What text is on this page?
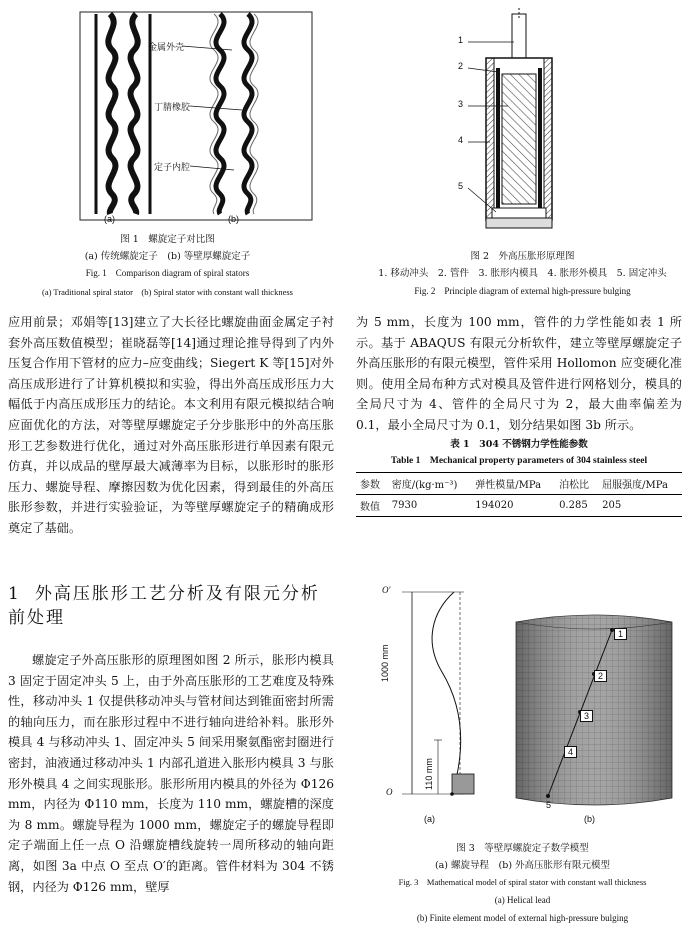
金属外壳
丁腈橡胶
定子内腔
(a)	(b)
图 1　螺旋定子对比图
(a) 传统螺旋定子　(b) 等壁厚螺旋定子
Fig. 1　Comparison diagram of spiral stators
(a) Traditional spiral stator　(b) Spiral stator with constant wall thickness
1
2
3
4
5
图 2　外高压胀形原理图
1. 移动冲头　2. 管件　3. 胀形内模具　4. 胀形外模具　5. 固定冲头
Fig. 2　Principle diagram of external high-pressure bulging

应用前景；邓娟等[13]建立了大长径比螺旋曲面金属定子衬套外高压数值模型；崔晓磊等[14]通过理论推导得到了内外压复合作用下管材的应力–应变曲线；Siegert K 等[15]对外高压成形进行了计算机模拟和实验，得出外高压成形压力大幅低于内高压成形压力的结论。本文利用有限元模拟结合响应面优化的方法，对等壁厚螺旋定子分步胀形中的外高压胀形工艺参数进行优化，通过对外高压胀形进行单因素有限元仿真，并以成品的壁厚最大减薄率为目标，以胀形时的胀形压力、螺旋导程、摩擦因数为优化因素，得到最佳的外高压胀形参数，并进行实验验证，为等壁厚螺旋定子的精确成形奠定了基础。

1 外高压胀形工艺分析及有限元分析前处理

螺旋定子外高压胀形的原理图如图 2 所示，胀形内模具 3 固定于固定冲头 5 上，由于外高压胀形的工艺难度及特殊性，移动冲头 1 仅提供移动冲头与管材间达到锥面密封所需的轴向压力，而在胀形过程中不进行轴向进给补料。胀形外模具 4 与移动冲头 1、固定冲头 5 间采用聚氨酯密封圈进行密封，油液通过移动冲头 1 内部孔道进入胀形内模具 3 与胀形外模具 4 之间实现胀形。胀形所用内模具的外径为 Φ126 mm，内径为 Φ110 mm，长度为 110 mm，螺旋槽的深度为 8 mm。螺旋导程为 1000 mm，螺旋定子的螺旋导程即定子端面上任一点 O 沿螺旋槽线旋转一周所移动的轴向距离，如图 3a 中点 O 至点 O′的距离。管件材料为 304 不锈钢，内径为 Φ126 mm，壁厚

为 5 mm，长度为 100 mm，管件的力学性能如表 1 所示。基于 ABAQUS 有限元分析软件，建立等壁厚螺旋定子外高压胀形的有限元模型，管件采用 Hollomon 应变硬化准则。使用全局布种方式对模具及管件进行网格划分，模具的全局尺寸为 4、管件的全局尺寸为 2，最大曲率偏差为 0.1，最小全局尺寸为 0.1，划分结果如图 3b 所示。

表 1　304 不锈钢力学性能参数
Table 1　Mechanical property parameters of 304 stainless steel
参数	密度/(kg·m⁻³)	弹性模量/MPa	泊松比	屈服强度/MPa
数值	7930	194020	0.285	205
O′
O
1000 mm
110 mm
(a)
1
2
3
4
5
(b)
图 3　等壁厚螺旋定子数学模型
(a) 螺旋导程　(b) 外高压胀形有限元模型
Fig. 3　Mathematical model of spiral stator with constant wall thickness
(a) Helical lead
(b) Finite element model of external high-pressure bulging
